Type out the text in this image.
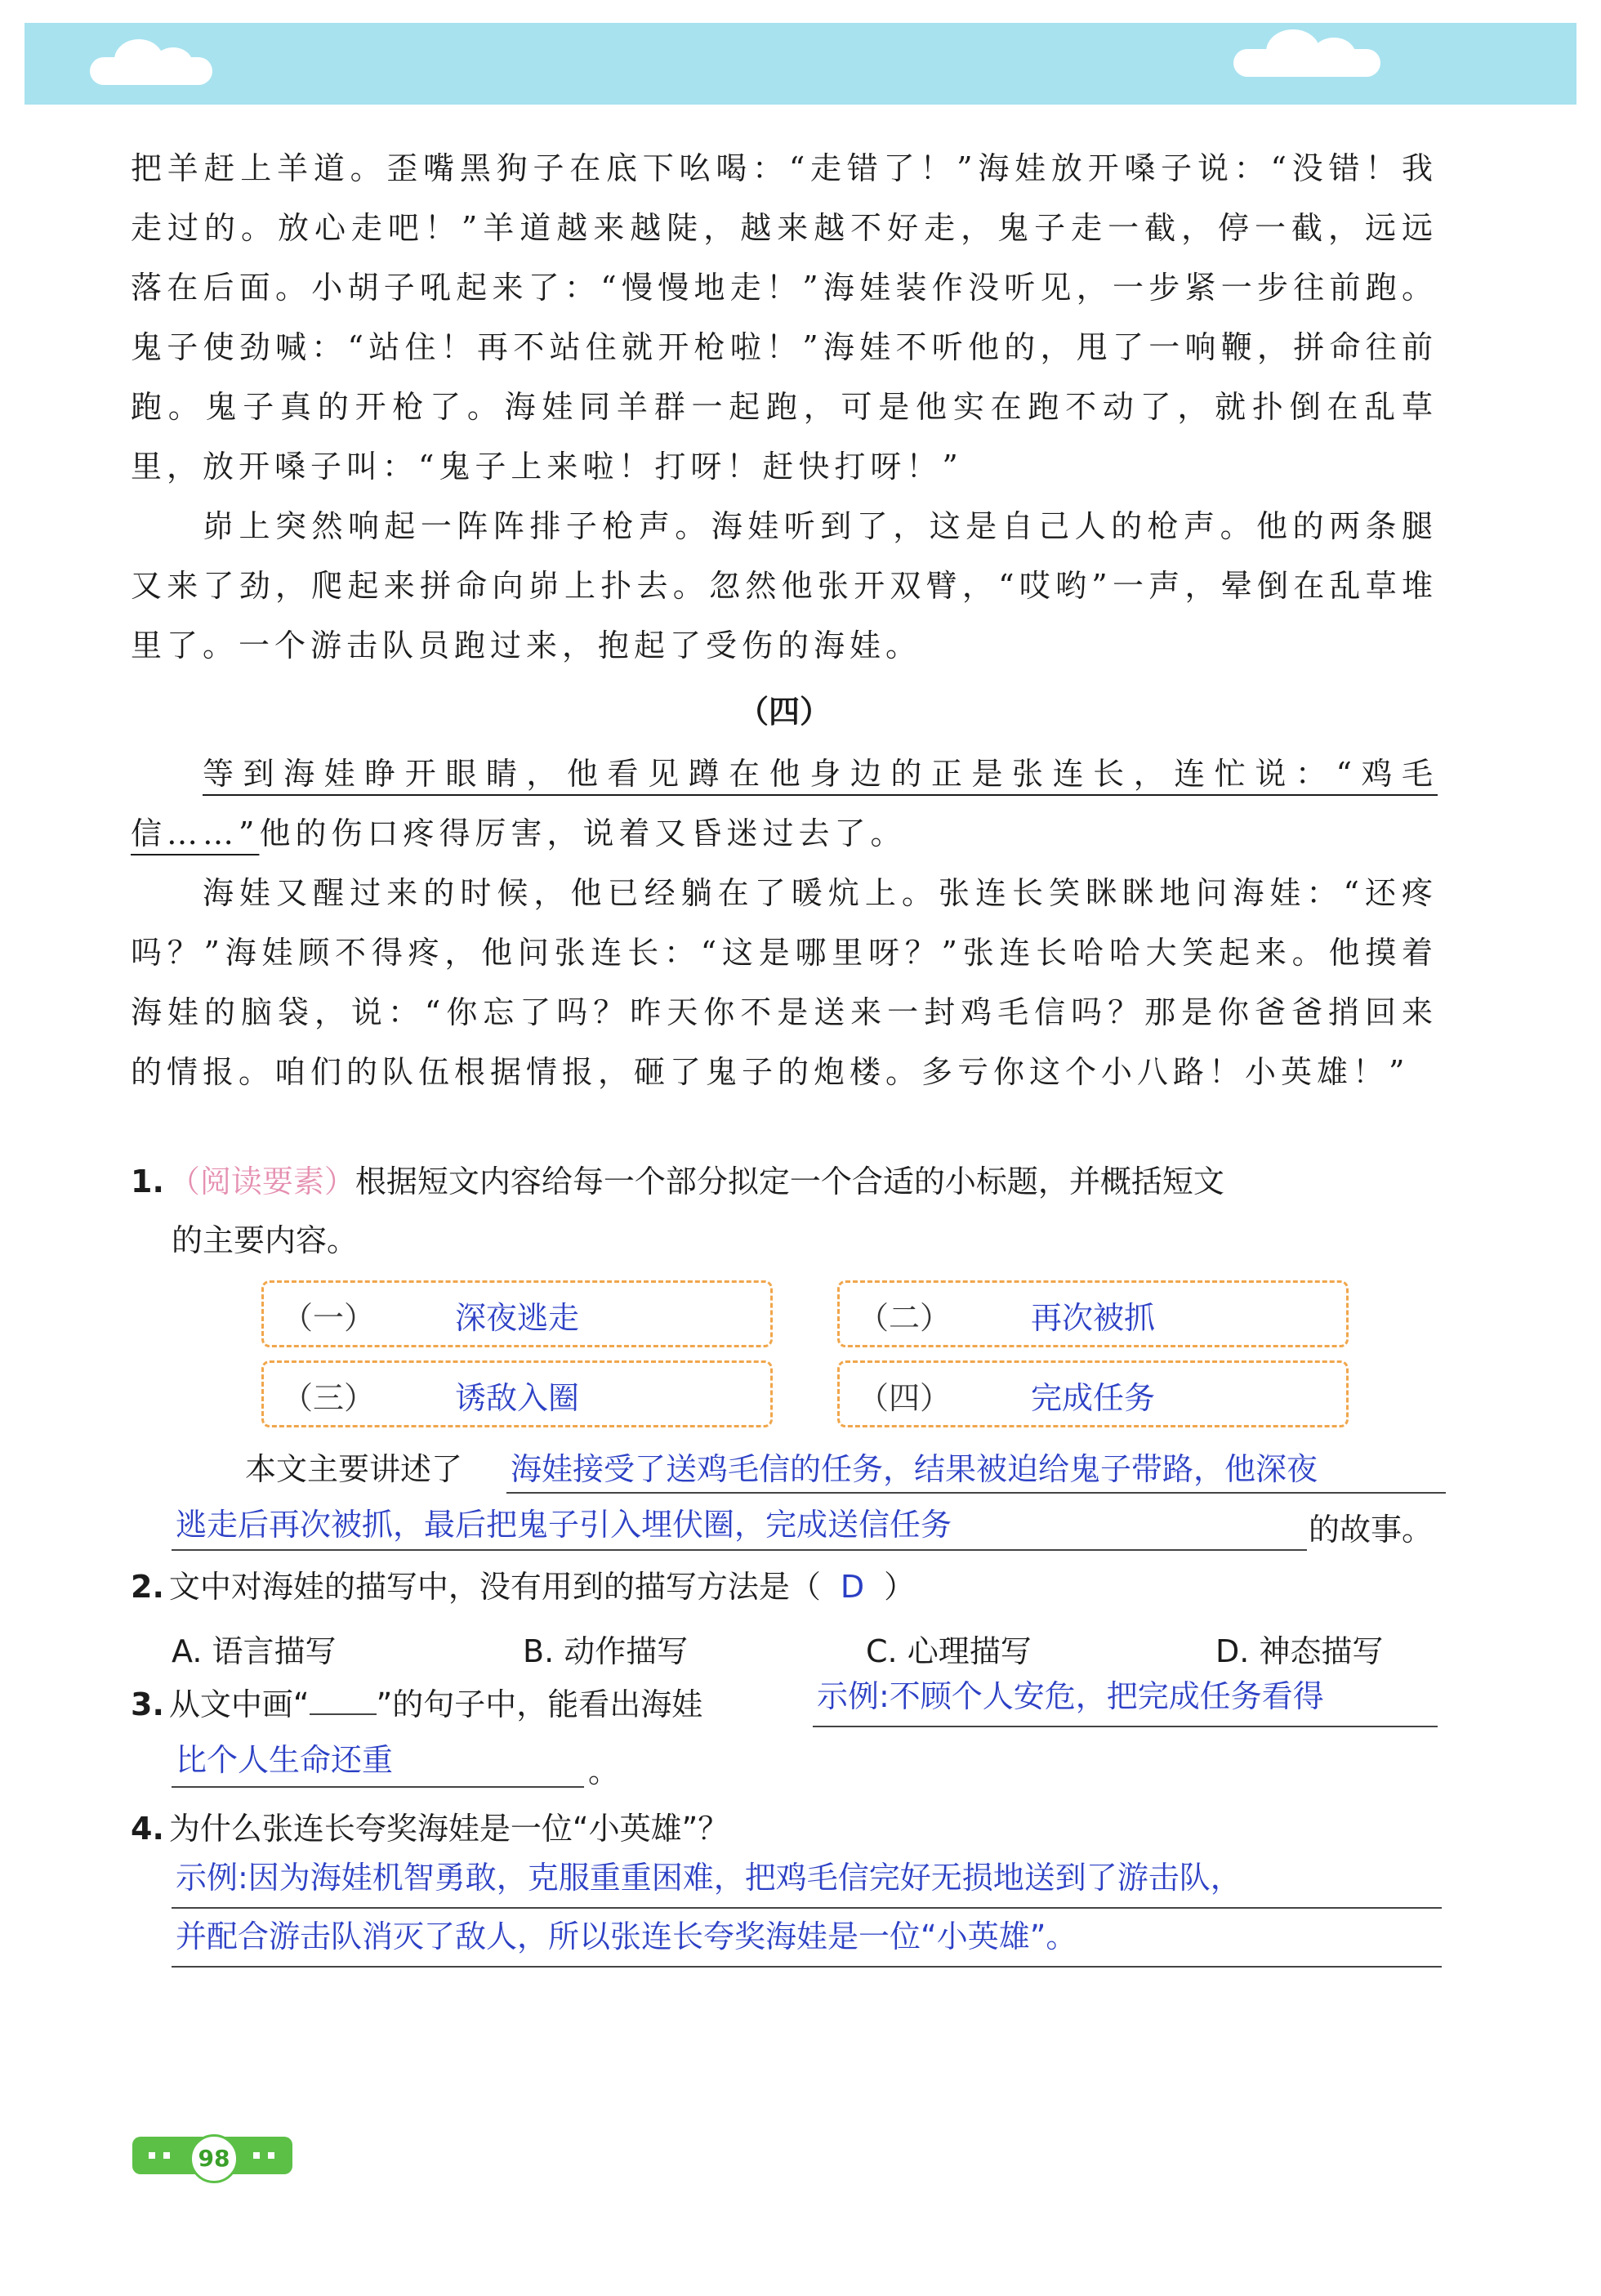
把羊赶上羊道。歪嘴黑狗子在底下吆喝：“走错了！”海娃放开嗓子说：“没错！我走过的。放心走吧！”羊道越来越陡，越来越不好走，鬼子走一截，停一截，远远落在后面。小胡子吼起来了：“慢慢地走！”海娃装作没听见，一步紧一步往前跑。鬼子使劲喊：“站住！再不站住就开枪啦！”海娃不听他的，甩了一响鞭，拼命往前跑。鬼子真的开枪了。海娃同羊群一起跑，可是他实在跑不动了，就扑倒在乱草里，放开嗓子叫：“鬼子上来啦！打呀！赶快打呀！”

峁上突然响起一阵阵排子枪声。海娃听到了，这是自己人的枪声。他的两条腿又来了劲，爬起来拼命向峁上扑去。忽然他张开双臂，“哎哟”一声，晕倒在乱草堆里了。一个游击队员跑过来，抱起了受伤的海娃。

（四）

等到海娃睁开眼睛，他看见蹲在他身边的正是张连长，连忙说：“鸡毛信……”他的伤口疼得厉害，说着又昏迷过去了。

海娃又醒过来的时候，他已经躺在了暖炕上。张连长笑眯眯地问海娃：“还疼吗？”海娃顾不得疼，他问张连长：“这是哪里呀？”张连长哈哈大笑起来。他摸着海娃的脑袋，说：“你忘了吗？昨天你不是送来一封鸡毛信吗？那是你爸爸捎回来的情报。咱们的队伍根据情报，砸了鬼子的炮楼。多亏你这个小八路！小英雄！”

1. （阅读要素）根据短文内容给每一个部分拟定一个合适的小标题，并概括短文
的主要内容。
（一）	深夜逃走	（二）	再次被抓
（三）	诱敌入圈	（四）	完成任务
本文主要讲述了 海娃接受了送鸡毛信的任务，结果被迫给鬼子带路，他深夜
逃走后再次被抓，最后把鬼子引入埋伏圈，完成送信任务	的故事。
2. 文中对海娃的描写中，没有用到的描写方法是（ D ）
A. 语言描写	B. 动作描写	C. 心理描写	D. 神态描写
3. 从文中画“ ”的句子中，能看出海娃	示例:不顾个人安危，把完成任务看得
比个人生命还重	。
4. 为什么张连长夸奖海娃是一位“小英雄”？
示例:因为海娃机智勇敢，克服重重困难，把鸡毛信完好无损地送到了游击队，
并配合游击队消灭了敌人，所以张连长夸奖海娃是一位“小英雄”。
98
